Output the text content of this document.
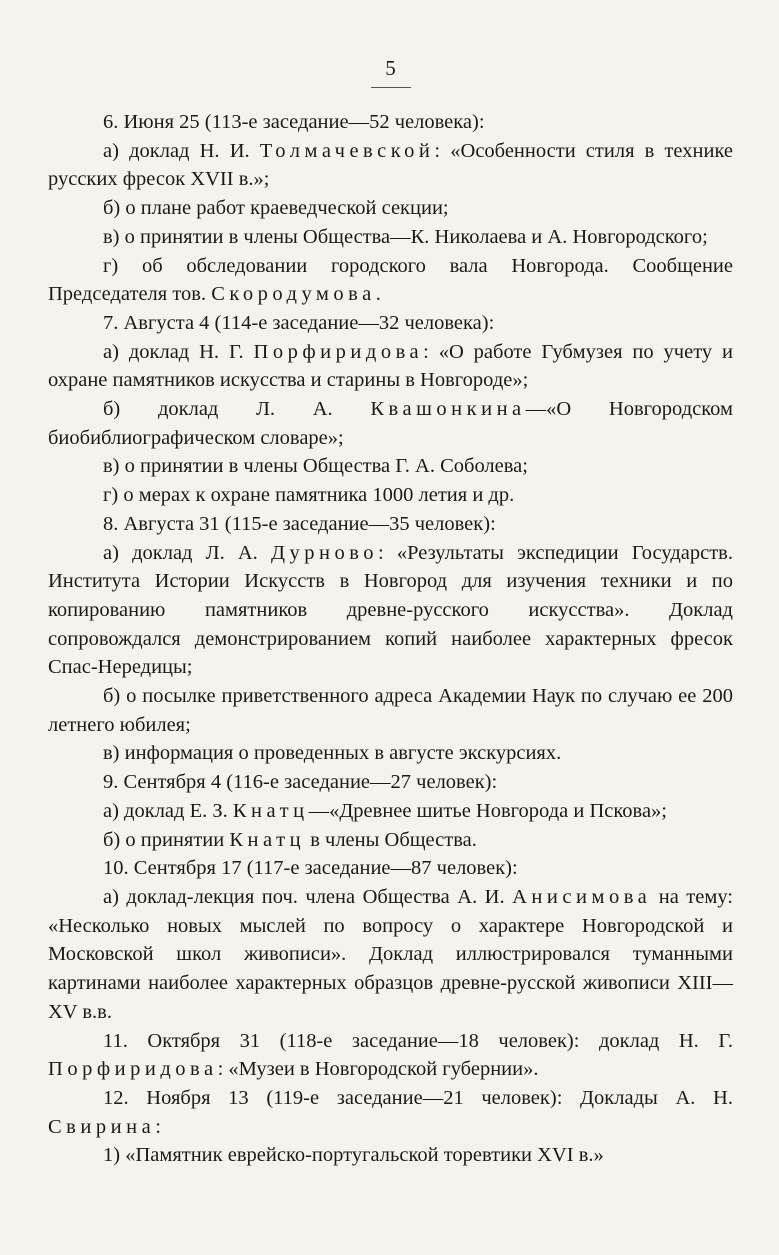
5

6. Июня 25 (113-е заседание—52 человека):

а) доклад Н. И. Толмачевской: «Особенности стиля в технике русских фресок XVII в.»;

б) о плане работ краеведческой секции;

в) о принятии в члены Общества—К. Николаева и А. Новгородского;

г) об обследовании городского вала Новгорода. Сообщение Председателя тов. Скородумова.

7. Августа 4 (114-е заседание—32 человека):

а) доклад Н. Г. Порфиридова: «О работе Губмузея по учету и охране памятников искусства и старины в Новгороде»;

б) доклад Л. А. Квашонкина—«О Новгородском биобиблиографическом словаре»;

в) о принятии в члены Общества Г. А. Соболева;

г) о мерах к охране памятника 1000 летия и др.

8. Августа 31 (115-е заседание—35 человек):

а) доклад Л. А. Дурново: «Результаты экспедиции Государств. Института Истории Искусств в Новгород для изучения техники и по копированию памятников древне-русского искусства». Доклад сопровождался демонстрированием копий наиболее характерных фресок Спас-Нередицы;

б) о посылке приветственного адреса Академии Наук по случаю ее 200 летнего юбилея;

в) информация о проведенных в августе экскурсиях.

9. Сентября 4 (116-е заседание—27 человек):

а) доклад Е. З. Кнатц—«Древнее шитье Новгорода и Пскова»;

б) о принятии Кнатц в члены Общества.

10. Сентября 17 (117-е заседание—87 человек):

а) доклад-лекция поч. члена Общества А. И. Анисимова на тему: «Несколько новых мыслей по вопросу о характере Новгородской и Московской школ живописи». Доклад иллюстрировался туманными картинами наиболее характерных образцов древне-русской живописи XIII—XV в.в.

11. Октября 31 (118-е заседание—18 человек): доклад Н. Г. Порфиридова: «Музеи в Новгородской губернии».

12. Ноября 13 (119-е заседание—21 человек): Доклады А. Н. Свирина:

1) «Памятник еврейско-португальской торевтики XVI в.»
